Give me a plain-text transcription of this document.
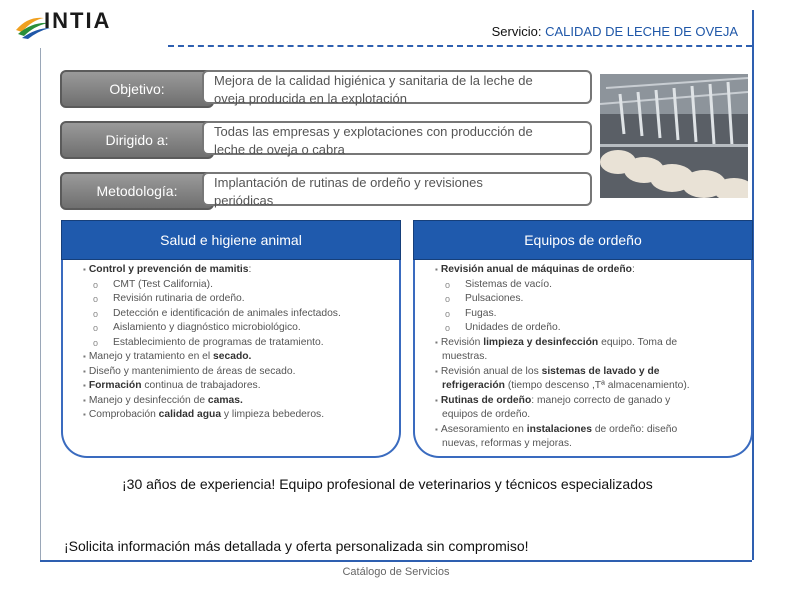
INTIA	Servicio: CALIDAD DE LECHE DE OVEJA
Objetivo:
Mejora de la calidad higiénica y sanitaria de la leche de
oveja producida en la explotación
Dirigido a:
Todas las empresas y explotaciones con producción de
leche de oveja o cabra
Metodología:
Implantación de rutinas de ordeño y revisiones
periódicas
Salud e higiene animal
▪ Control y prevención de mamitis:
o CMT (Test California).
o Revisión rutinaria de ordeño.
o Detección e identificación de animales infectados.
o Aislamiento y diagnóstico microbiológico.
o Establecimiento de programas de tratamiento.
▪ Manejo y tratamiento en el secado.
▪ Diseño y mantenimiento de áreas de secado.
▪ Formación continua de trabajadores.
▪ Manejo y desinfección de camas.
▪ Comprobación calidad agua y limpieza bebederos.
Equipos de ordeño
▪ Revisión anual de máquinas de ordeño:
o Sistemas de vacío.
o Pulsaciones.
o Fugas.
o Unidades de ordeño.
▪ Revisión limpieza y desinfección equipo. Toma de
muestras.
▪ Revisión anual de los sistemas de lavado y de
refrigeración (tiempo descenso ,Tª almacenamiento).
▪ Rutinas de ordeño: manejo correcto de ganado y
equipos de ordeño.
▪ Asesoramiento en instalaciones de ordeño: diseño
nuevas, reformas y mejoras.
¡30 años de experiencia! Equipo profesional de veterinarios y técnicos especializados
¡Solicita información más detallada y oferta personalizada sin compromiso!
Catálogo de Servicios
